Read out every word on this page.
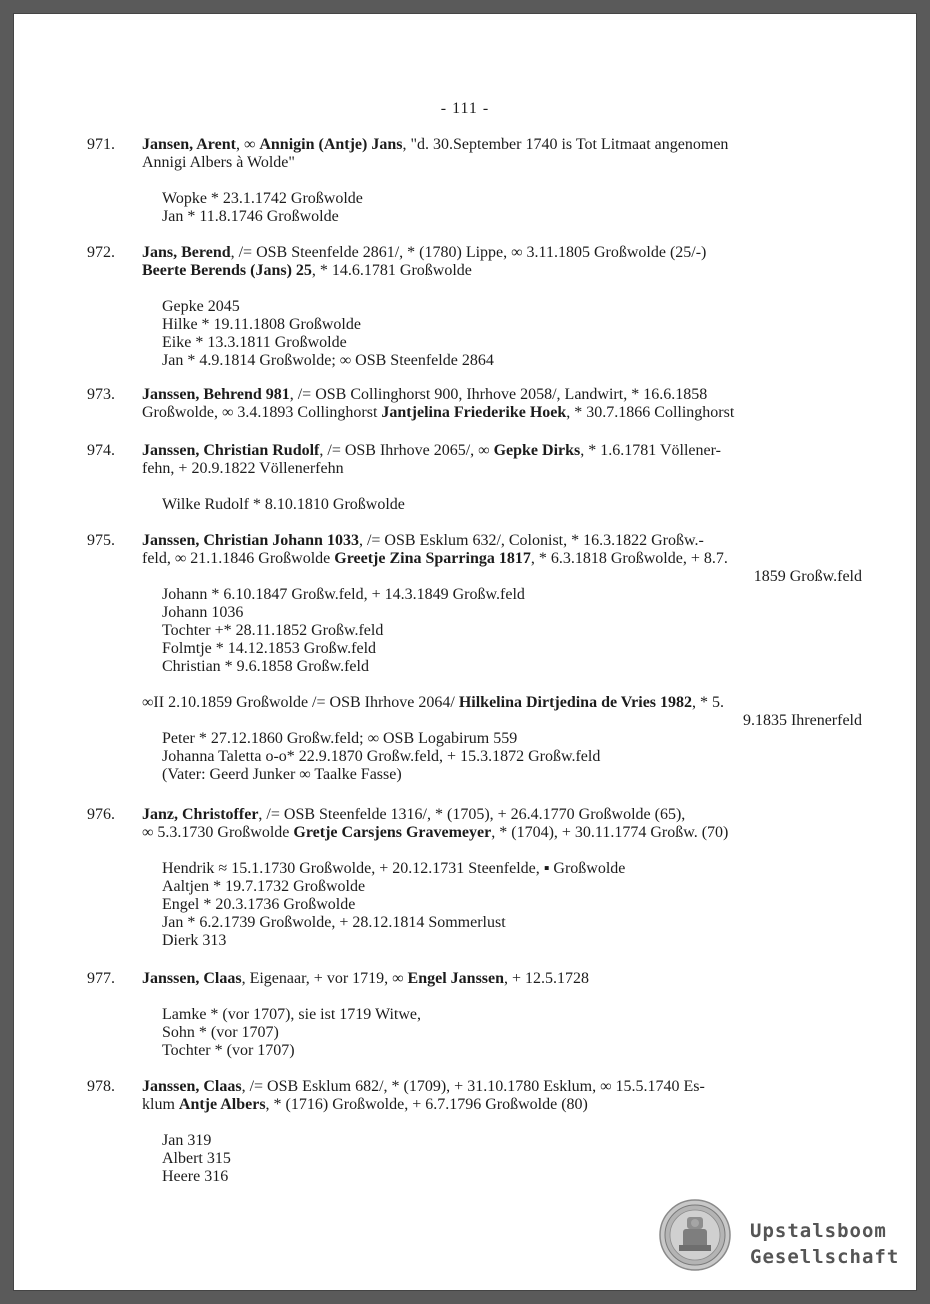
- 111 -
971. Jansen, Arent, ∞ Annigin (Antje) Jans, "d. 30.September 1740 is Tot Litmaat angenomen
Annigi Albers à Wolde"
Wopke * 23.1.1742 Großwolde
Jan * 11.8.1746 Großwolde
972. Jans, Berend, /= OSB Steenfelde 2861/, * (1780) Lippe, ∞ 3.11.1805 Großwolde (25/-)
Beerte Berends (Jans) 25, * 14.6.1781 Großwolde
Gepke 2045
Hilke * 19.11.1808 Großwolde
Eike * 13.3.1811 Großwolde
Jan * 4.9.1814 Großwolde; ∞ OSB Steenfelde 2864
973. Janssen, Behrend 981, /= OSB Collinghorst 900, Ihrhove 2058/, Landwirt, * 16.6.1858
Großwolde, ∞ 3.4.1893 Collinghorst Jantjelina Friederike Hoek, * 30.7.1866 Collinghorst
974. Janssen, Christian Rudolf, /= OSB Ihrhove 2065/, ∞ Gepke Dirks, * 1.6.1781 Völlener-
fehn, + 20.9.1822 Völlenerfehn
Wilke Rudolf * 8.10.1810 Großwolde
975. Janssen, Christian Johann 1033, /= OSB Esklum 632/, Colonist, * 16.3.1822 Großw.-
feld, ∞ 21.1.1846 Großwolde Greetje Zina Sparringa 1817, * 6.3.1818 Großwolde, + 8.7.
1859 Großw.feld
Johann * 6.10.1847 Großw.feld, + 14.3.1849 Großw.feld
Johann 1036
Tochter +* 28.11.1852 Großw.feld
Folmtje * 14.12.1853 Großw.feld
Christian * 9.6.1858 Großw.feld
∞II 2.10.1859 Großwolde /= OSB Ihrhove 2064/ Hilkelina Dirtjedina de Vries 1982, * 5.
9.1835 Ihrenerfeld
Peter * 27.12.1860 Großw.feld; ∞ OSB Logabirum 559
Johanna Taletta o-o* 22.9.1870 Großw.feld, + 15.3.1872 Großw.feld
(Vater: Geerd Junker ∞ Taalke Fasse)
976. Janz, Christoffer, /= OSB Steenfelde 1316/, * (1705), + 26.4.1770 Großwolde (65),
∞ 5.3.1730 Großwolde Gretje Carsjens Gravemeyer, * (1704), + 30.11.1774 Großw. (70)
Hendrik ≈ 15.1.1730 Großwolde, + 20.12.1731 Steenfelde, ▪ Großwolde
Aaltjen * 19.7.1732 Großwolde
Engel * 20.3.1736 Großwolde
Jan * 6.2.1739 Großwolde, + 28.12.1814 Sommerlust
Dierk 313
977. Janssen, Claas, Eigenaar, + vor 1719, ∞ Engel Janssen, + 12.5.1728
Lamke * (vor 1707), sie ist 1719 Witwe,
Sohn * (vor 1707)
Tochter * (vor 1707)
978. Janssen, Claas, /= OSB Esklum 682/, * (1709), + 31.10.1780 Esklum, ∞ 15.5.1740 Es-
klum Antje Albers, * (1716) Großwolde, + 6.7.1796 Großwolde (80)
Jan 319
Albert 315
Heere 316
Upstalsboom
Gesellschaft
